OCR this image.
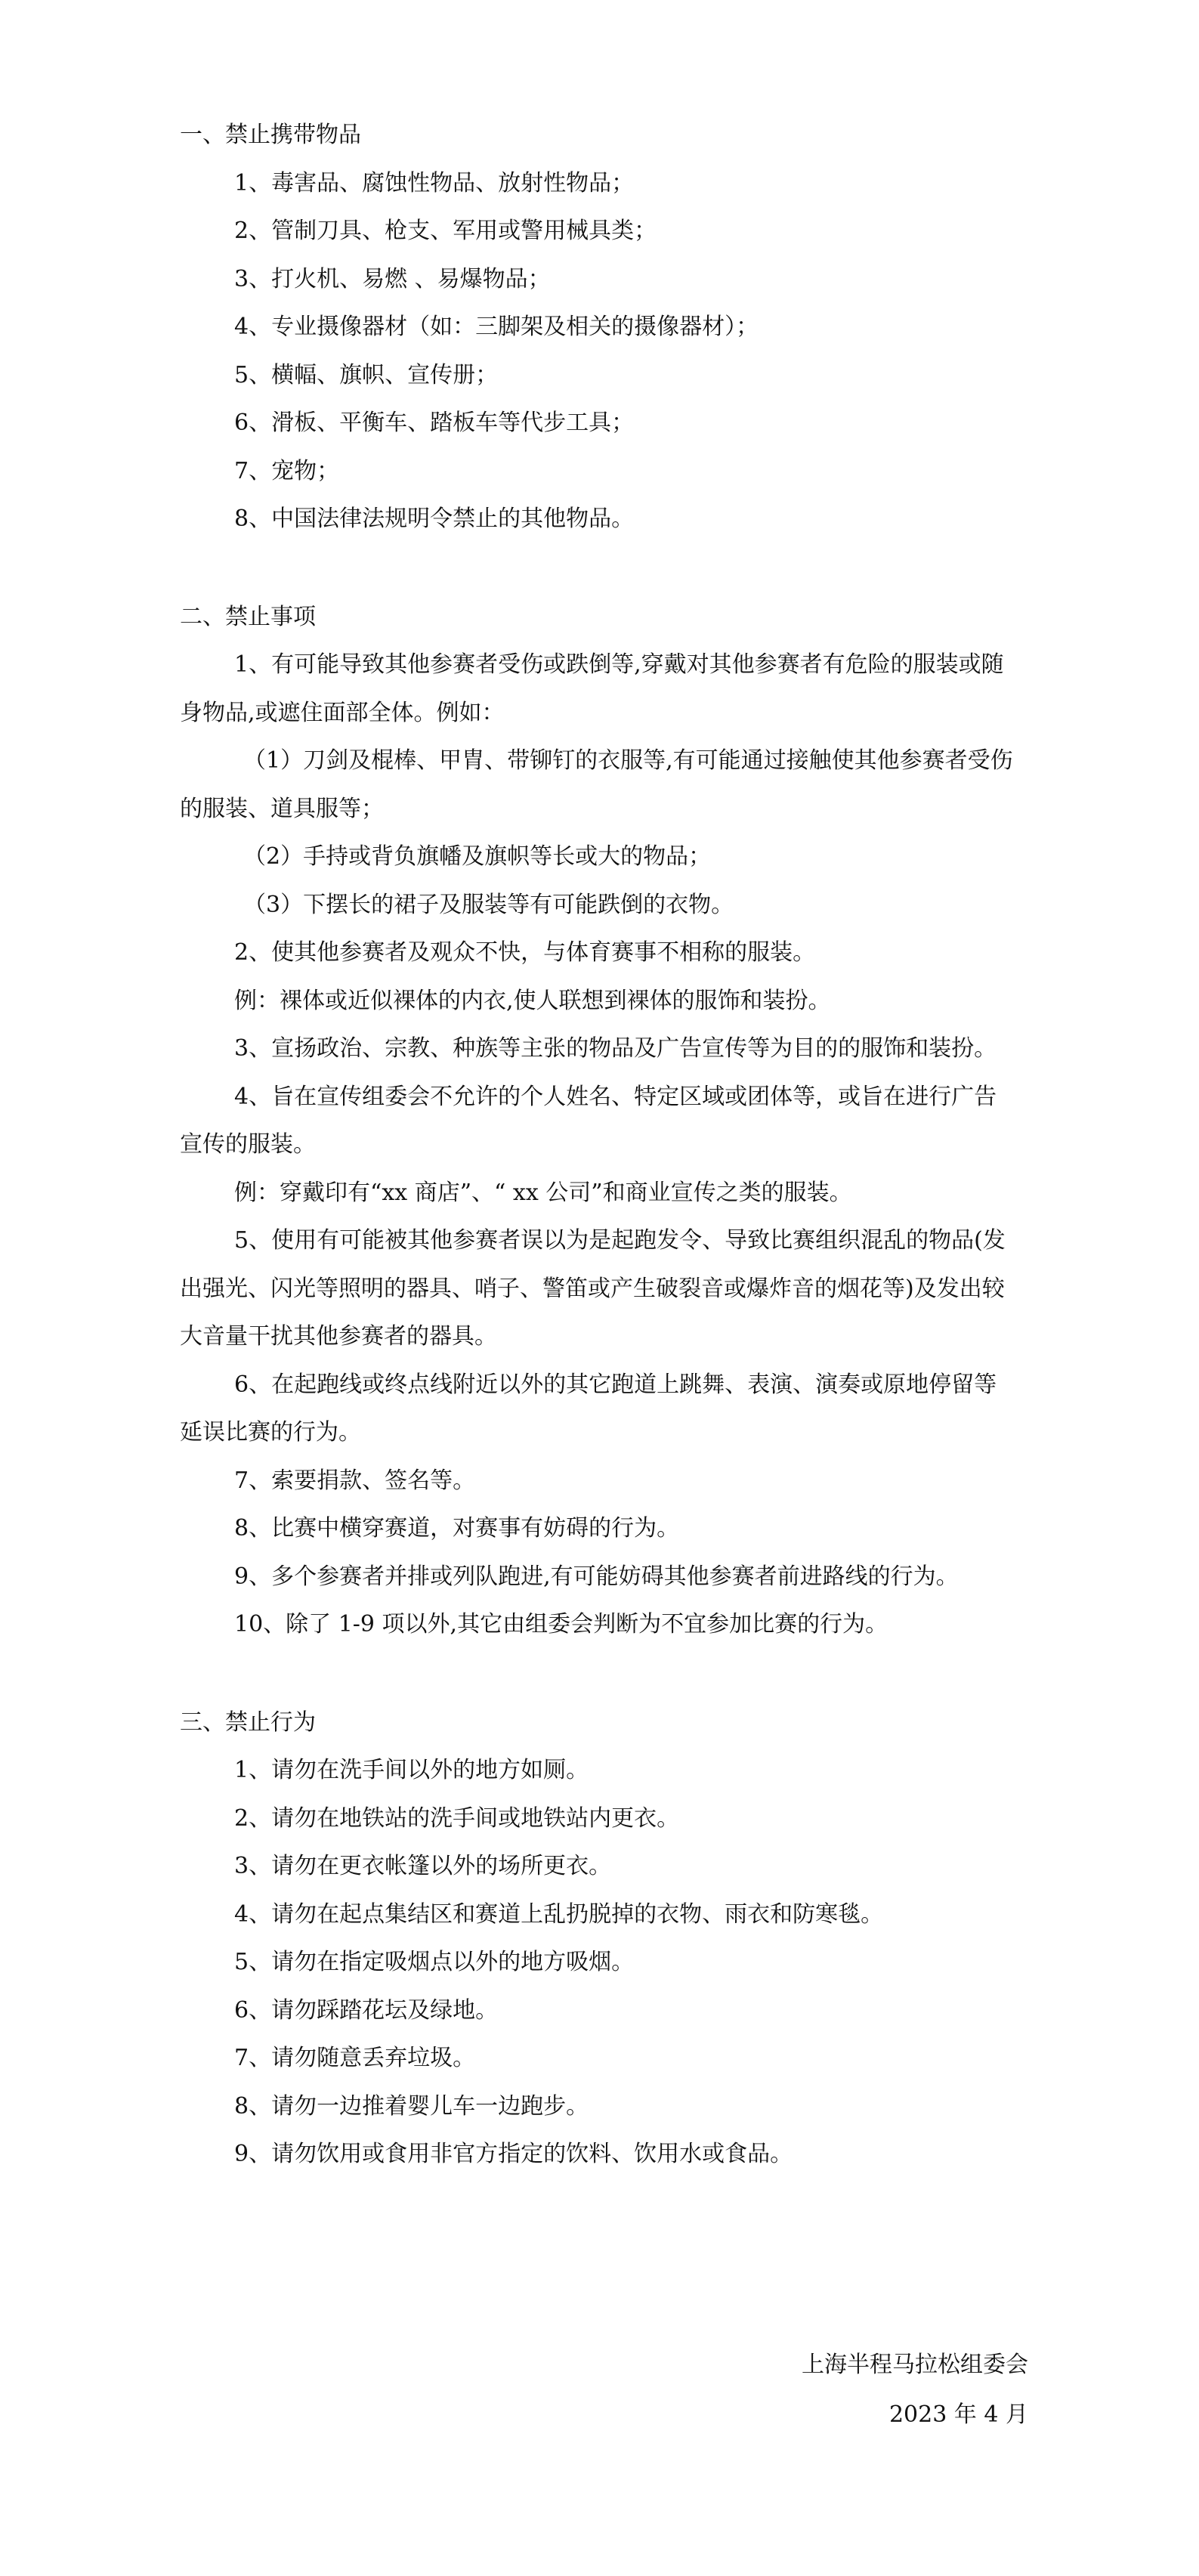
一、禁止携带物品
1、毒害品、腐蚀性物品、放射性物品；
2、管制刀具、枪支、军用或警用械具类；
3、打火机、易燃 、易爆物品；
4、专业摄像器材（如：三脚架及相关的摄像器材）；
5、横幅、旗帜、宣传册；
6、滑板、平衡车、踏板车等代步工具；
7、宠物；
8、中国法律法规明令禁止的其他物品。
二、禁止事项
1、有可能导致其他参赛者受伤或跌倒等,穿戴对其他参赛者有危险的服装或随身物品,或遮住面部全体。例如：
（1）刀剑及棍棒、甲胄、带铆钉的衣服等,有可能通过接触使其他参赛者受伤的服装、道具服等；
（2）手持或背负旗幡及旗帜等长或大的物品；
（3）下摆长的裙子及服装等有可能跌倒的衣物。
2、使其他参赛者及观众不快，与体育赛事不相称的服装。
例：裸体或近似裸体的内衣,使人联想到裸体的服饰和装扮。
3、宣扬政治、宗教、种族等主张的物品及广告宣传等为目的的服饰和装扮。
4、旨在宣传组委会不允许的个人姓名、特定区域或团体等，或旨在进行广告宣传的服装。
例：穿戴印有“xx 商店”、“ xx 公司”和商业宣传之类的服装。
5、使用有可能被其他参赛者误以为是起跑发令、导致比赛组织混乱的物品(发出强光、闪光等照明的器具、哨子、警笛或产生破裂音或爆炸音的烟花等)及发出较大音量干扰其他参赛者的器具。
6、在起跑线或终点线附近以外的其它跑道上跳舞、表演、演奏或原地停留等延误比赛的行为。
7、索要捐款、签名等。
8、比赛中横穿赛道，对赛事有妨碍的行为。
9、多个参赛者并排或列队跑进,有可能妨碍其他参赛者前进路线的行为。
10、除了 1-9 项以外,其它由组委会判断为不宜参加比赛的行为。
三、禁止行为
1、请勿在洗手间以外的地方如厕。
2、请勿在地铁站的洗手间或地铁站内更衣。
3、请勿在更衣帐篷以外的场所更衣。
4、请勿在起点集结区和赛道上乱扔脱掉的衣物、雨衣和防寒毯。
5、请勿在指定吸烟点以外的地方吸烟。
6、请勿踩踏花坛及绿地。
7、请勿随意丢弃垃圾。
8、请勿一边推着婴儿车一边跑步。
9、请勿饮用或食用非官方指定的饮料、饮用水或食品。
上海半程马拉松组委会
2023 年 4 月
